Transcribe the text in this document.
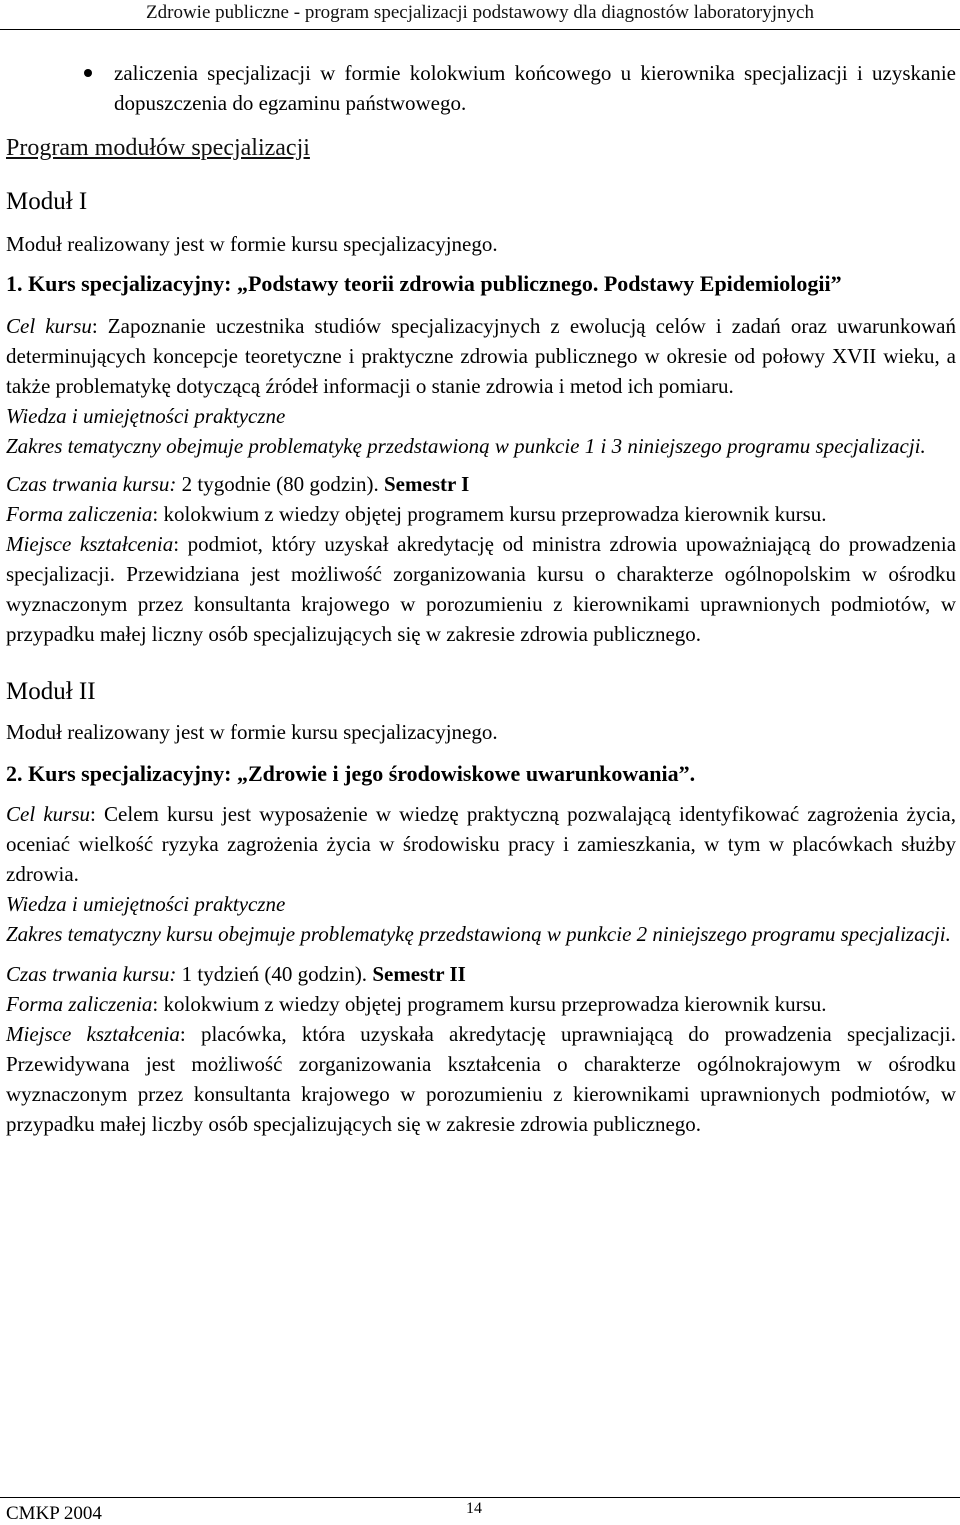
Zdrowie publiczne - program specjalizacji podstawowy dla diagnostów laboratoryjnych
zaliczenia specjalizacji w formie kolokwium końcowego u kierownika specjalizacji i uzyskanie dopuszczenia do egzaminu państwowego.

Program modułów specjalizacji

Moduł I

Moduł realizowany jest w formie kursu specjalizacyjnego.

1. Kurs specjalizacyjny: „Podstawy teorii zdrowia publicznego. Podstawy Epidemiologii”

Cel kursu: Zapoznanie uczestnika studiów specjalizacyjnych z ewolucją celów i zadań oraz uwarunkowań determinujących koncepcje teoretyczne i praktyczne zdrowia publicznego w okresie od połowy XVII wieku, a także problematykę dotyczącą źródeł informacji o stanie zdrowia i metod ich pomiaru.

Wiedza i umiejętności praktyczne

Zakres tematyczny obejmuje problematykę przedstawioną w punkcie 1 i 3 niniejszego programu specjalizacji.

Czas trwania kursu: 2 tygodnie (80 godzin). Semestr I

Forma zaliczenia: kolokwium z wiedzy objętej programem kursu przeprowadza kierownik kursu.

Miejsce kształcenia: podmiot, który uzyskał akredytację od ministra zdrowia upoważniającą do prowadzenia specjalizacji. Przewidziana jest możliwość zorganizowania kursu o charakterze ogólnopolskim w ośrodku wyznaczonym przez konsultanta krajowego w porozumieniu z kierownikami uprawnionych podmiotów, w przypadku małej liczny osób specjalizujących się w zakresie zdrowia publicznego.

Moduł II

Moduł realizowany jest w formie kursu specjalizacyjnego.

2. Kurs specjalizacyjny: „Zdrowie i jego środowiskowe uwarunkowania”.

Cel kursu: Celem kursu jest wyposażenie w wiedzę praktyczną pozwalającą identyfikować zagrożenia życia, oceniać wielkość ryzyka zagrożenia życia w środowisku pracy i zamieszkania, w tym w placówkach służby zdrowia.

Wiedza i umiejętności praktyczne

Zakres tematyczny kursu obejmuje problematykę przedstawioną w punkcie 2 niniejszego programu specjalizacji.

Czas trwania kursu: 1 tydzień (40 godzin). Semestr II

Forma zaliczenia: kolokwium z wiedzy objętej programem kursu przeprowadza kierownik kursu.

Miejsce kształcenia: placówka, która uzyskała akredytację uprawniającą do prowadzenia specjalizacji. Przewidywana jest możliwość zorganizowania kształcenia o charakterze ogólnokrajowym w ośrodku wyznaczonym przez konsultanta krajowego w porozumieniu z kierownikami uprawnionych podmiotów, w przypadku małej liczby osób specjalizujących się w zakresie zdrowia publicznego.

CMKP 2004	14
